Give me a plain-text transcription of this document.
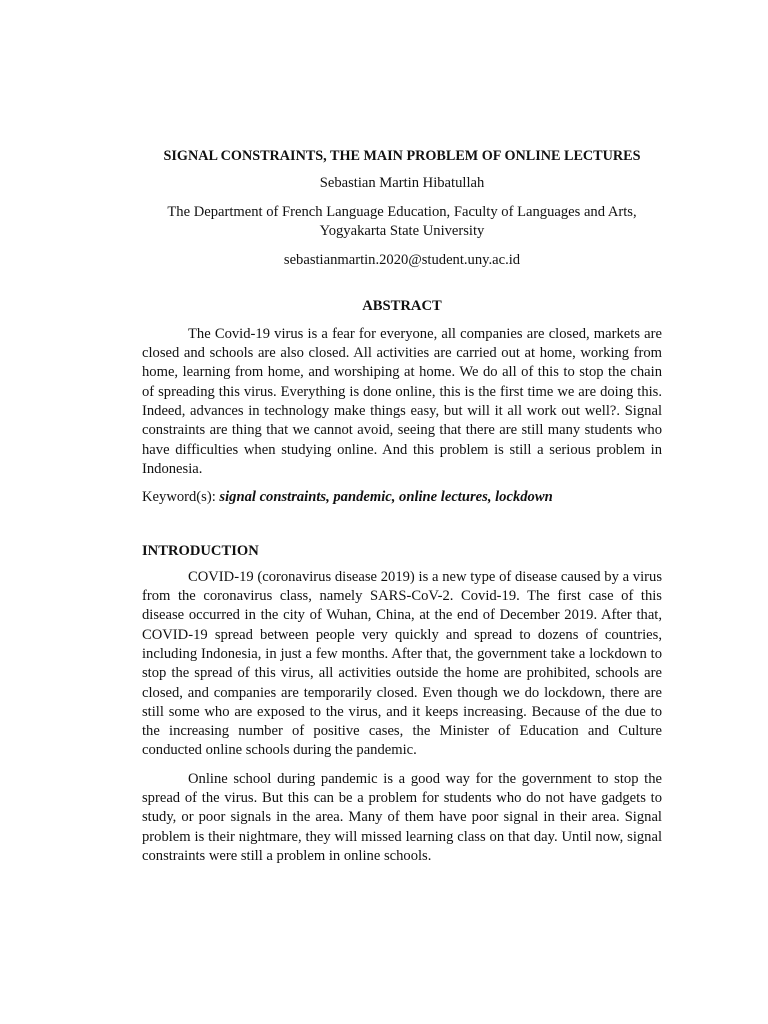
SIGNAL CONSTRAINTS, THE MAIN PROBLEM OF ONLINE LECTURES
Sebastian Martin Hibatullah
The Department of French Language Education, Faculty of Languages and Arts,
Yogyakarta State University
sebastianmartin.2020@student.uny.ac.id
ABSTRACT

The Covid-19 virus is a fear for everyone, all companies are closed, markets are closed and schools are also closed. All activities are carried out at home, working from home, learning from home, and worshiping at home. We do all of this to stop the chain of spreading this virus. Everything is done online, this is the first time we are doing this. Indeed, advances in technology make things easy, but will it all work out well?. Signal constraints are thing that we cannot avoid, seeing that there are still many students who have difficulties when studying online. And this problem is still a serious problem in Indonesia.

Keyword(s): signal constraints, pandemic, online lectures, lockdown

INTRODUCTION

COVID-19 (coronavirus disease 2019) is a new type of disease caused by a virus from the coronavirus class, namely SARS-CoV-2. Covid-19. The first case of this disease occurred in the city of Wuhan, China, at the end of December 2019. After that, COVID-19 spread between people very quickly and spread to dozens of countries, including Indonesia, in just a few months. After that, the government take a lockdown to stop the spread of this virus, all activities outside the home are prohibited, schools are closed, and companies are temporarily closed. Even though we do lockdown, there are still some who are exposed to the virus, and it keeps increasing. Because of the due to the increasing number of positive cases, the Minister of Education and Culture conducted online schools during the pandemic.

Online school during pandemic is a good way for the government to stop the spread of the virus. But this can be a problem for students who do not have gadgets to study, or poor signals in the area. Many of them have poor signal in their area. Signal problem is their nightmare, they will missed learning class on that day. Until now, signal constraints were still a problem in online schools.
